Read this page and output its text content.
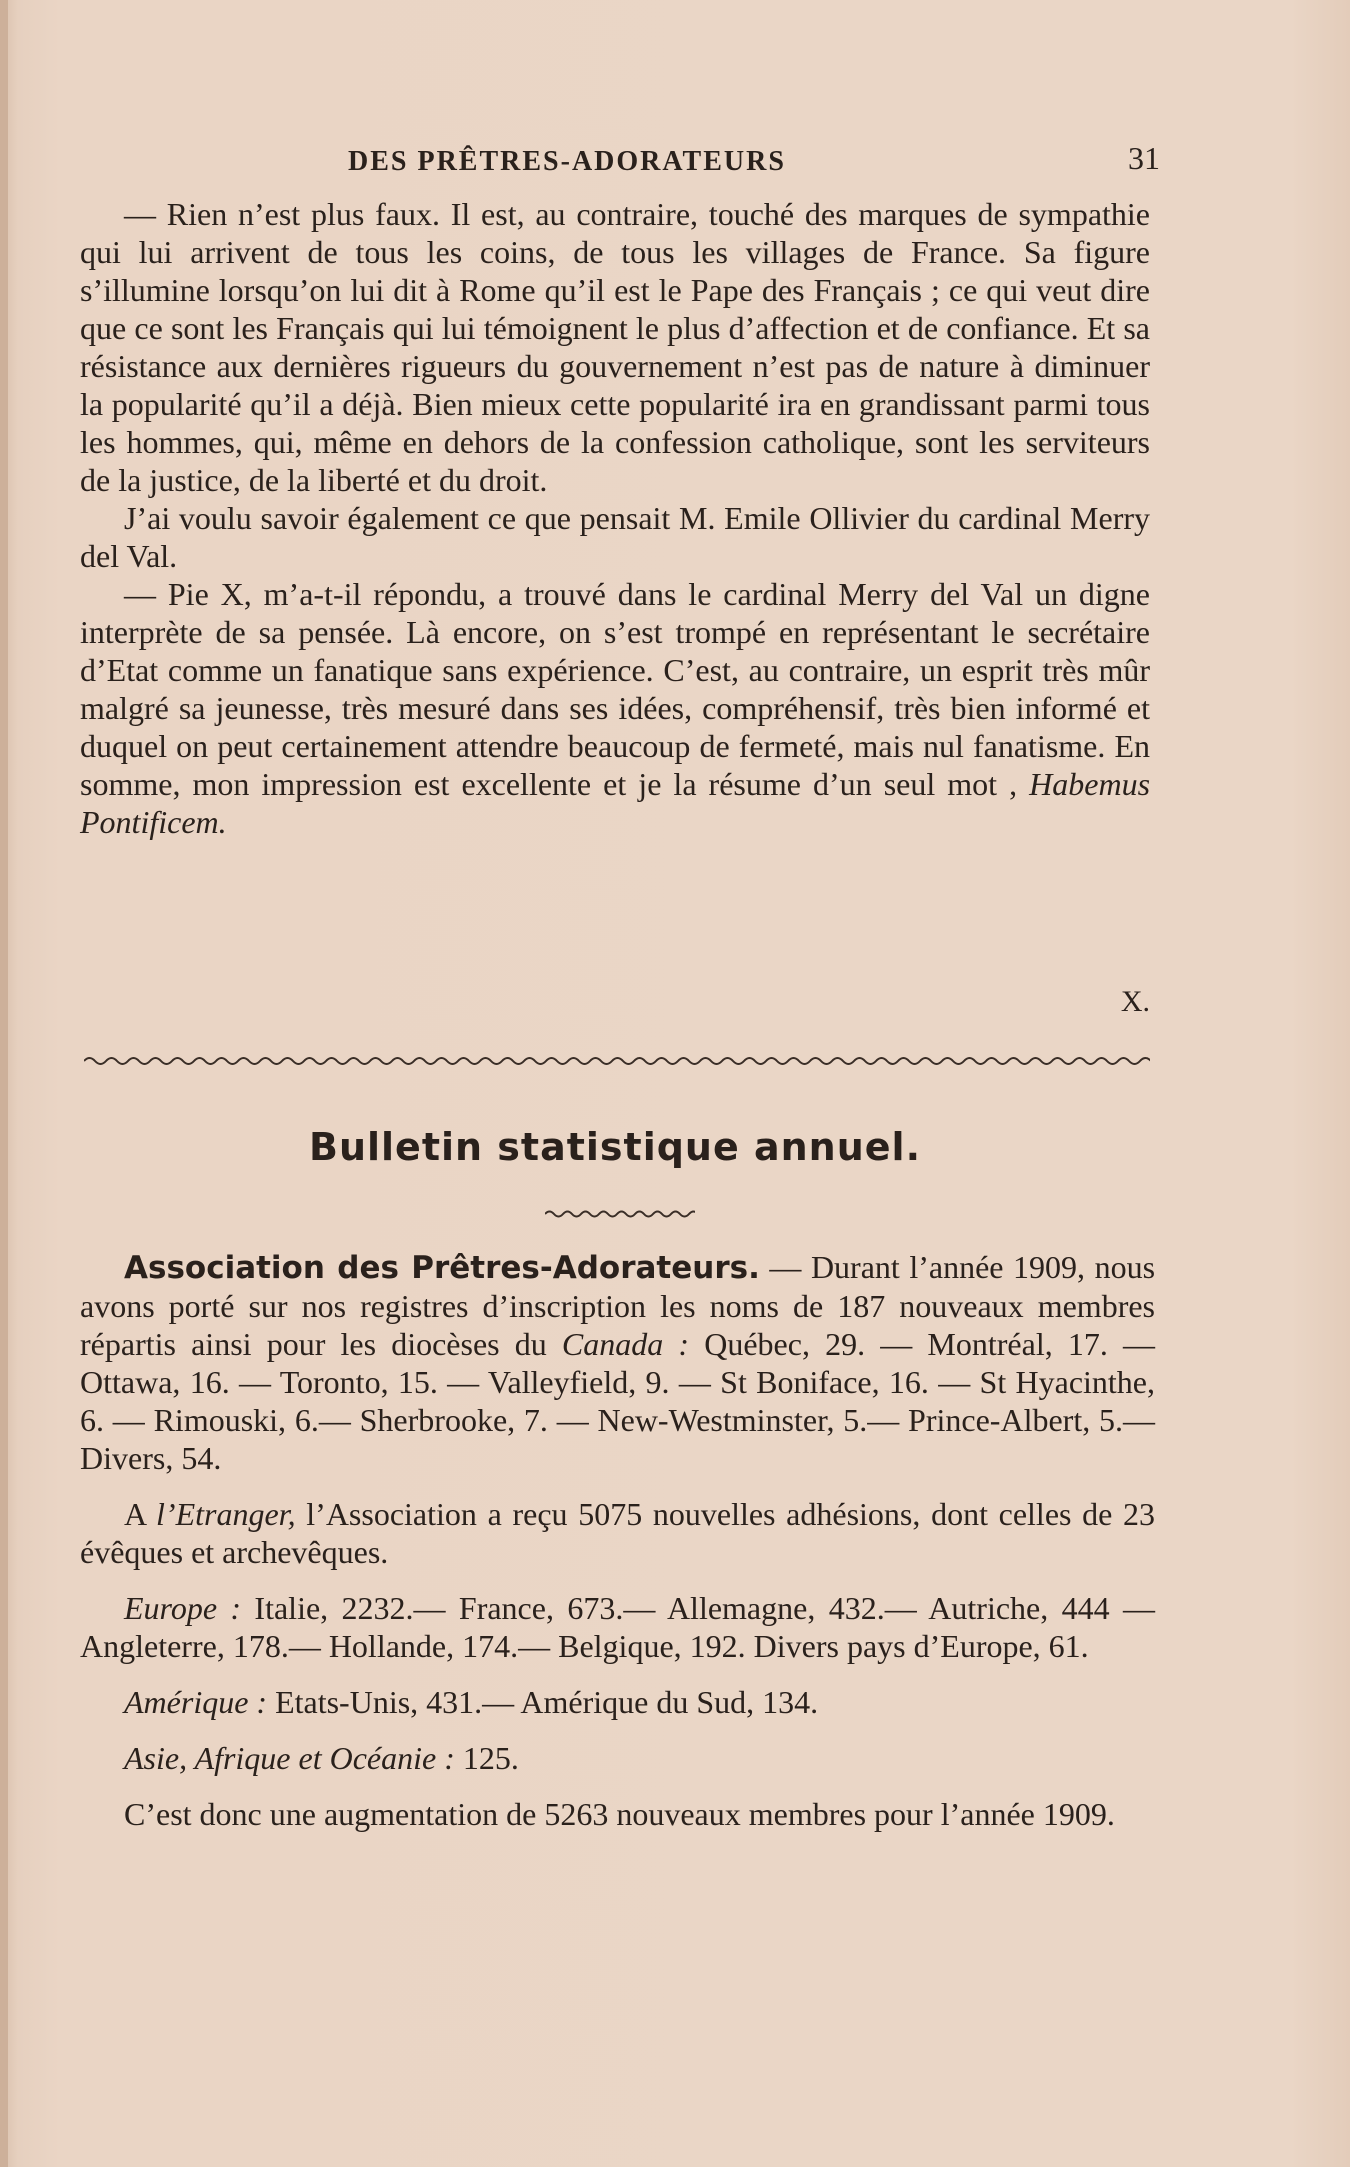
DES PRÊTRES-ADORATEURS	31

— Rien n’est plus faux. Il est, au contraire, touché des marques de sympathie qui lui arrivent de tous les coins, de tous les villages de France. Sa figure s’illumine lorsqu’on lui dit à Rome qu’il est le Pape des Français ; ce qui veut dire que ce sont les Français qui lui témoignent le plus d’affection et de confiance. Et sa résistance aux dernières rigueurs du gouvernement n’est pas de nature à diminuer la popularité qu’il a déjà. Bien mieux cette popularité ira en grandissant parmi tous les hommes, qui, même en dehors de la confession catholique, sont les serviteurs de la justice, de la liberté et du droit.

J’ai voulu savoir également ce que pensait M. Emile Ollivier du cardinal Merry del Val.

— Pie X, m’a-t-il répondu, a trouvé dans le cardinal Merry del Val un digne interprète de sa pensée. Là encore, on s’est trompé en représentant le secrétaire d’Etat comme un fanatique sans expérience. C’est, au contraire, un esprit très mûr malgré sa jeunesse, très mesuré dans ses idées, compréhensif, très bien informé et duquel on peut certainement attendre beaucoup de fermeté, mais nul fanatisme. En somme, mon impression est excellente et je la résume d’un seul mot , Habemus Pontificem.

X.
Bulletin statistique annuel.

Association des Prêtres-Adorateurs. — Durant l’année 1909, nous avons porté sur nos registres d’inscription les noms de 187 nouveaux membres répartis ainsi pour les diocèses du Canada : Québec, 29. — Montréal, 17. — Ottawa, 16. — Toronto, 15. — Valleyfield, 9. — St Boniface, 16. — St Hyacinthe, 6. — Rimouski, 6.— Sherbrooke, 7. — New-Westminster, 5.— Prince-Albert, 5.— Divers, 54.

A l’Etranger, l’Association a reçu 5075 nouvelles adhésions, dont celles de 23 évêques et archevêques.

Europe : Italie, 2232.— France, 673.— Allemagne, 432.— Autriche, 444 — Angleterre, 178.— Hollande, 174.— Belgique, 192. Divers pays d’Europe, 61.

Amérique : Etats-Unis, 431.— Amérique du Sud, 134.

Asie, Afrique et Océanie : 125.

C’est donc une augmentation de 5263 nouveaux membres pour l’année 1909.
